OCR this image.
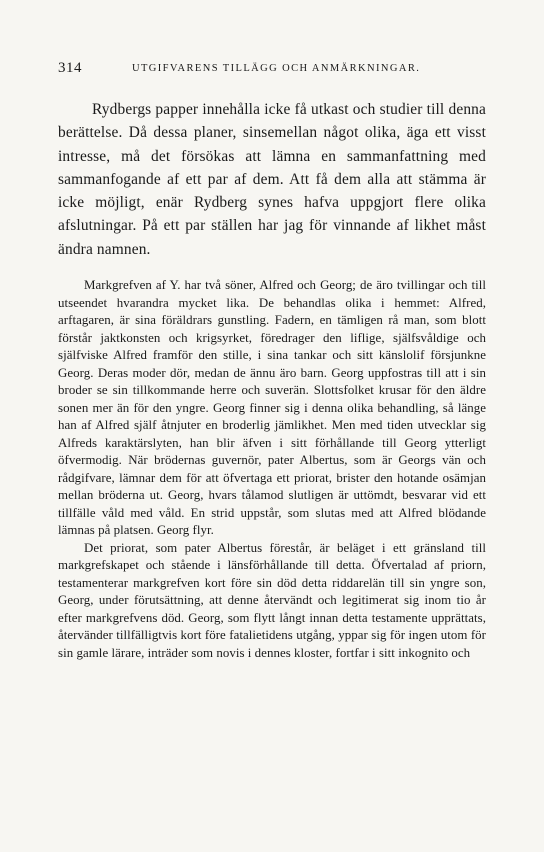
314	UTGIFVARENS TILLÄGG OCH ANMÄRKNINGAR.

Rydbergs papper innehålla icke få utkast och studier till denna berättelse. Då dessa planer, sinsemellan något olika, äga ett visst intresse, må det försökas att lämna en sammanfattning med sammanfogande af ett par af dem. Att få dem alla att stämma är icke möjligt, enär Rydberg synes hafva uppgjort flere olika afslutningar. På ett par ställen har jag för vinnande af likhet måst ändra namnen.

Markgrefven af Y. har två söner, Alfred och Georg; de äro tvillingar och till utseendet hvarandra mycket lika. De behandlas olika i hemmet: Alfred, arftagaren, är sina föräldrars gunstling. Fadern, en tämligen rå man, som blott förstår jaktkonsten och krigsyrket, föredrager den liflige, själfsvåldige och själfviske Alfred framför den stille, i sina tankar och sitt känslolif försjunkne Georg. Deras moder dör, medan de ännu äro barn. Georg uppfostras till att i sin broder se sin tillkommande herre och suverän. Slottsfolket krusar för den äldre sonen mer än för den yngre. Georg finner sig i denna olika behandling, så länge han af Alfred själf åtnjuter en broderlig jämlikhet. Men med tiden utvecklar sig Alfreds karaktärslyten, han blir äfven i sitt förhållande till Georg ytterligt öfvermodig. När brödernas guvernör, pater Albertus, som är Georgs vän och rådgifvare, lämnar dem för att öfvertaga ett priorat, brister den hotande osämjan mellan bröderna ut. Georg, hvars tålamod slutligen är uttömdt, besvarar vid ett tillfälle våld med våld. En strid uppstår, som slutas med att Alfred blödande lämnas på platsen. Georg flyr.

Det priorat, som pater Albertus förestår, är beläget i ett gränsland till markgrefskapet och stående i länsförhållande till detta. Öfvertalad af priorn, testamenterar markgrefven kort före sin död detta riddarelän till sin yngre son, Georg, under förutsättning, att denne återvändt och legitimerat sig inom tio år efter markgrefvens död. Georg, som flytt långt innan detta testamente upprättats, återvänder tillfälligtvis kort före fatalietidens utgång, yppar sig för ingen utom för sin gamle lärare, inträder som novis i dennes kloster, fortfar i sitt inkognito och
